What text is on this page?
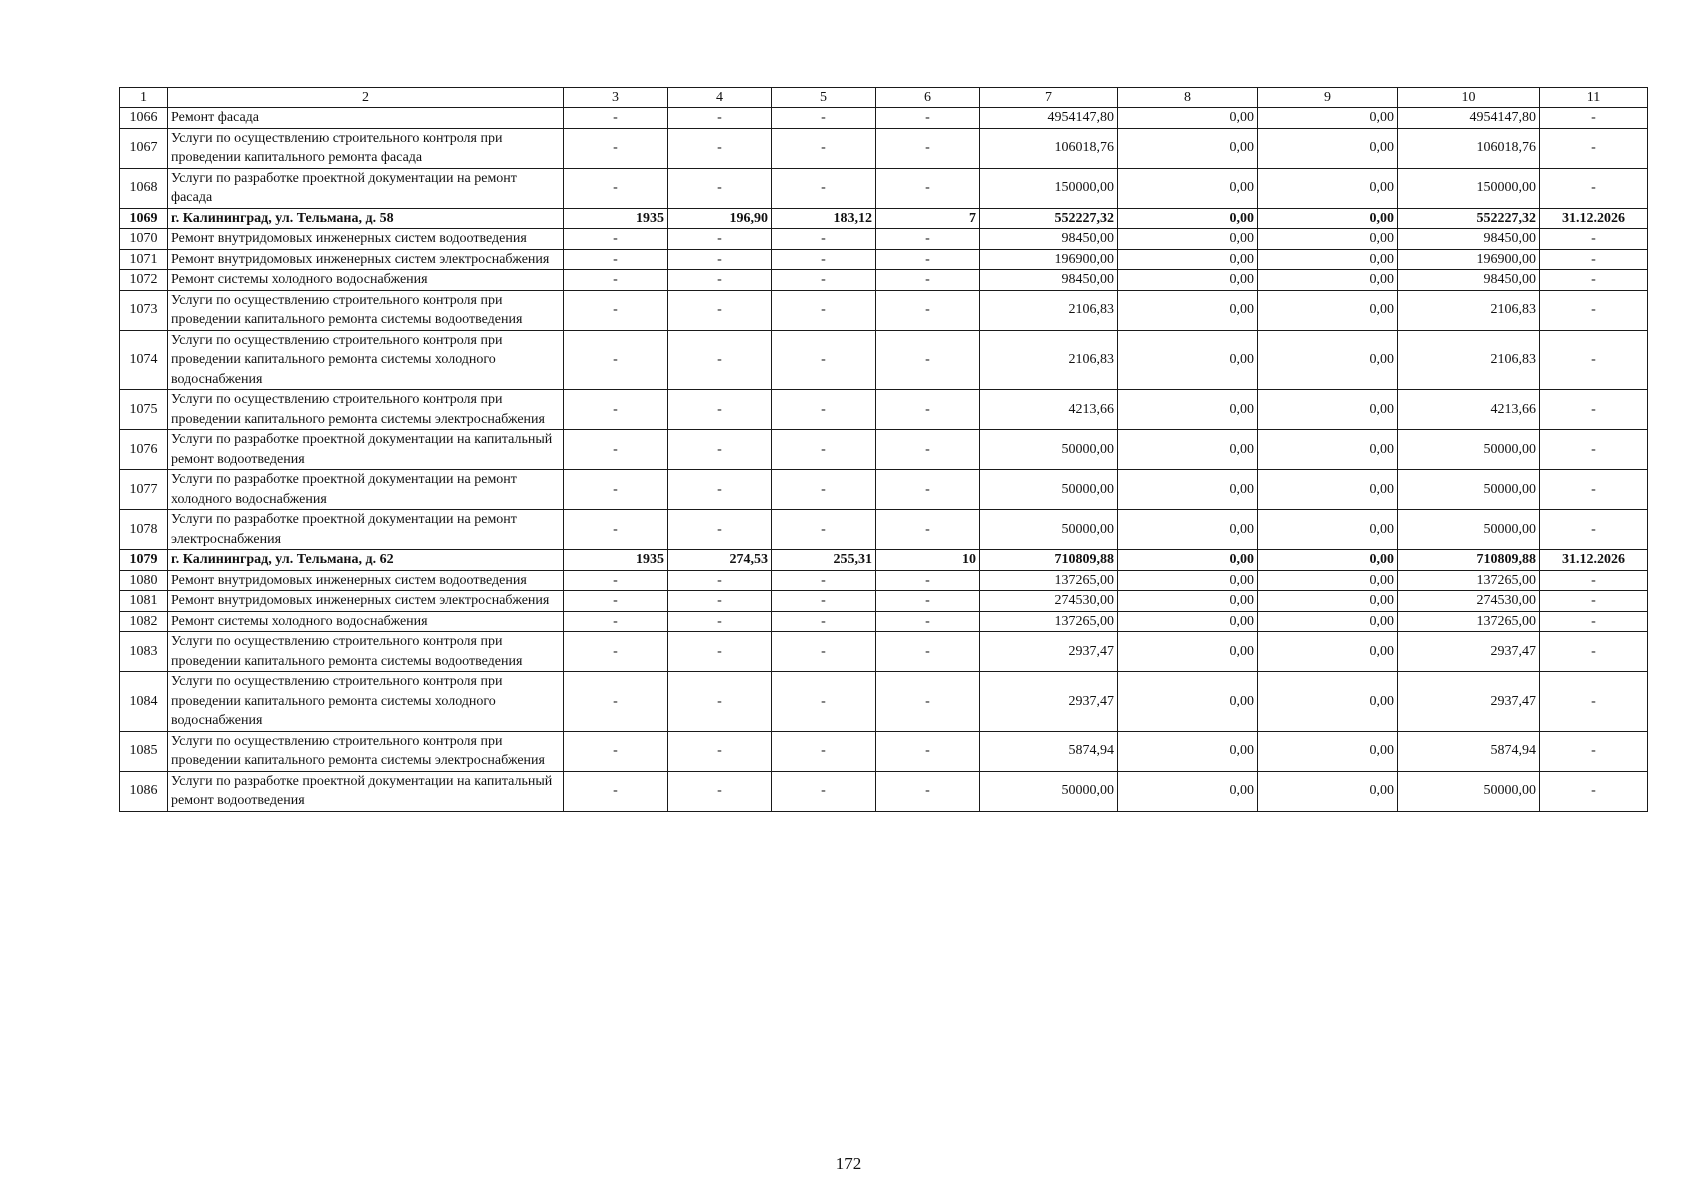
1	2	3	4	5	6	7	8	9	10	11
1066	Ремонт фасада	-	-	-	-	4954147,80	0,00	0,00	4954147,80	-
1067	Услуги по осуществлению строительного контроля при проведении капитального ремонта фасада	-	-	-	-	106018,76	0,00	0,00	106018,76	-
1068	Услуги по разработке проектной документации на ремонт фасада	-	-	-	-	150000,00	0,00	0,00	150000,00	-
1069	г. Калининград, ул. Тельмана, д. 58	1935	196,90	183,12	7	552227,32	0,00	0,00	552227,32	31.12.2026
1070	Ремонт внутридомовых инженерных систем водоотведения	-	-	-	-	98450,00	0,00	0,00	98450,00	-
1071	Ремонт внутридомовых инженерных систем электроснабжения	-	-	-	-	196900,00	0,00	0,00	196900,00	-
1072	Ремонт системы холодного водоснабжения	-	-	-	-	98450,00	0,00	0,00	98450,00	-
1073	Услуги по осуществлению строительного контроля при проведении капитального ремонта системы водоотведения	-	-	-	-	2106,83	0,00	0,00	2106,83	-
1074	Услуги по осуществлению строительного контроля при проведении капитального ремонта системы холодного водоснабжения	-	-	-	-	2106,83	0,00	0,00	2106,83	-
1075	Услуги по осуществлению строительного контроля при проведении капитального ремонта системы электроснабжения	-	-	-	-	4213,66	0,00	0,00	4213,66	-
1076	Услуги по разработке проектной документации на капитальный ремонт водоотведения	-	-	-	-	50000,00	0,00	0,00	50000,00	-
1077	Услуги по разработке проектной документации на ремонт холодного водоснабжения	-	-	-	-	50000,00	0,00	0,00	50000,00	-
1078	Услуги по разработке проектной документации на ремонт электроснабжения	-	-	-	-	50000,00	0,00	0,00	50000,00	-
1079	г. Калининград, ул. Тельмана, д. 62	1935	274,53	255,31	10	710809,88	0,00	0,00	710809,88	31.12.2026
1080	Ремонт внутридомовых инженерных систем водоотведения	-	-	-	-	137265,00	0,00	0,00	137265,00	-
1081	Ремонт внутридомовых инженерных систем электроснабжения	-	-	-	-	274530,00	0,00	0,00	274530,00	-
1082	Ремонт системы холодного водоснабжения	-	-	-	-	137265,00	0,00	0,00	137265,00	-
1083	Услуги по осуществлению строительного контроля при проведении капитального ремонта системы водоотведения	-	-	-	-	2937,47	0,00	0,00	2937,47	-
1084	Услуги по осуществлению строительного контроля при проведении капитального ремонта системы холодного водоснабжения	-	-	-	-	2937,47	0,00	0,00	2937,47	-
1085	Услуги по осуществлению строительного контроля при проведении капитального ремонта системы электроснабжения	-	-	-	-	5874,94	0,00	0,00	5874,94	-
1086	Услуги по разработке проектной документации на капитальный ремонт водоотведения	-	-	-	-	50000,00	0,00	0,00	50000,00	-
172
